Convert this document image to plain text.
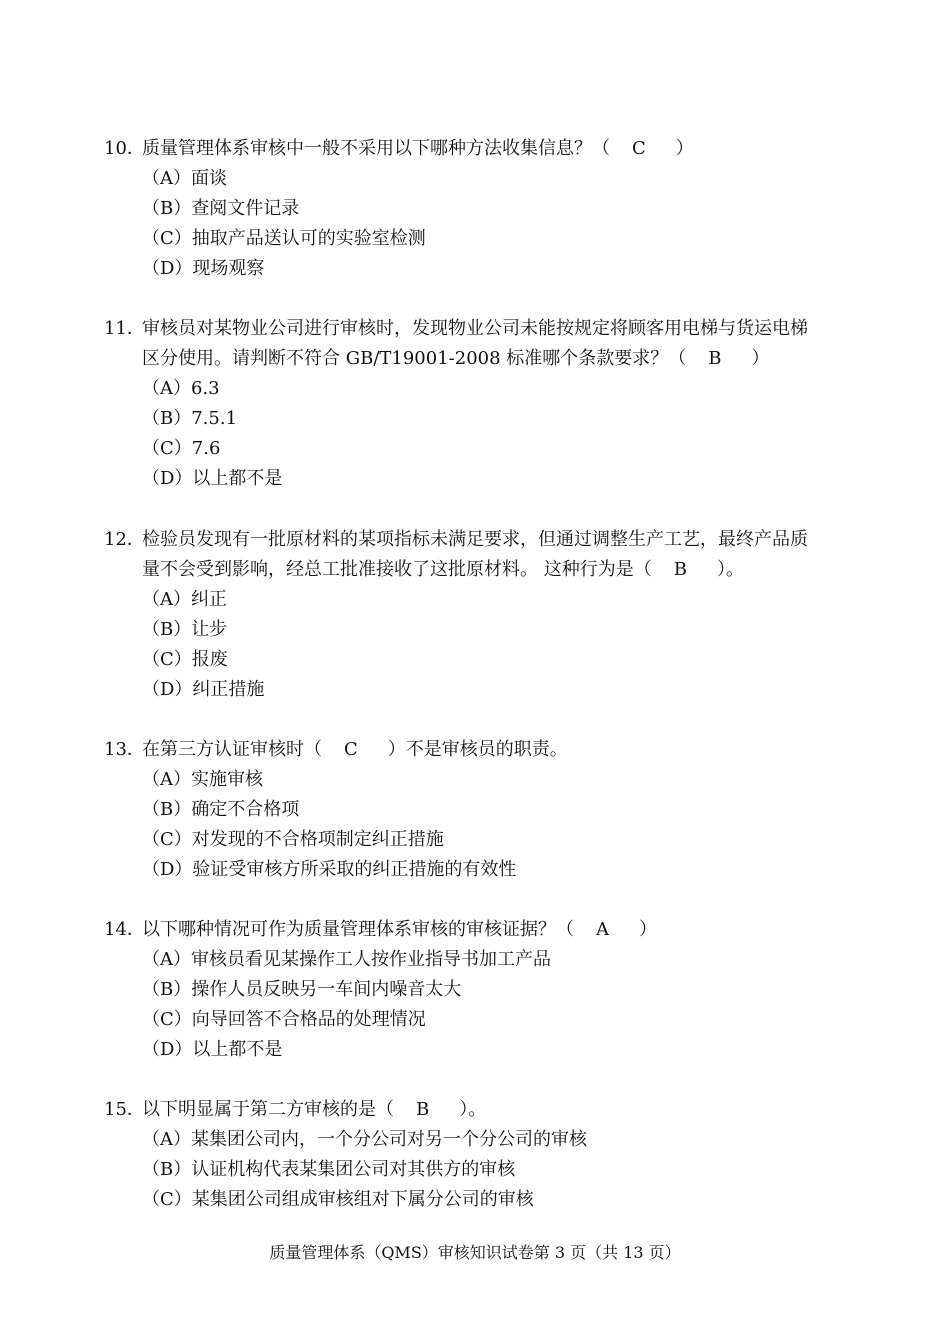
10．质量管理体系审核中一般不采用以下哪种方法收集信息？（ C ）
（A）面谈
（B）查阅文件记录
（C）抽取产品送认可的实验室检测
（D）现场观察
11．审核员对某物业公司进行审核时，发现物业公司未能按规定将顾客用电梯与货运电梯
区分使用。请判断不符合 GB/T19001-2008 标准哪个条款要求？（ B ）
（A）6.3
（B）7.5.1
（C）7.6
（D）以上都不是
12．检验员发现有一批原材料的某项指标未满足要求，但通过调整生产工艺，最终产品质
量不会受到影响，经总工批准接收了这批原材料。 这种行为是（ B ）。
（A）纠正
（B）让步
（C）报废
（D）纠正措施
13．在第三方认证审核时（ C ）不是审核员的职责。
（A）实施审核
（B）确定不合格项
（C）对发现的不合格项制定纠正措施
（D）验证受审核方所采取的纠正措施的有效性
14．以下哪种情况可作为质量管理体系审核的审核证据？（ A ）
（A）审核员看见某操作工人按作业指导书加工产品
（B）操作人员反映另一车间内噪音太大
（C）向导回答不合格品的处理情况
（D）以上都不是
15．以下明显属于第二方审核的是（ B ）。
（A）某集团公司内，一个分公司对另一个分公司的审核
（B）认证机构代表某集团公司对其供方的审核
（C）某集团公司组成审核组对下属分公司的审核
质量管理体系（QMS）审核知识试卷第 3 页（共 13 页）
